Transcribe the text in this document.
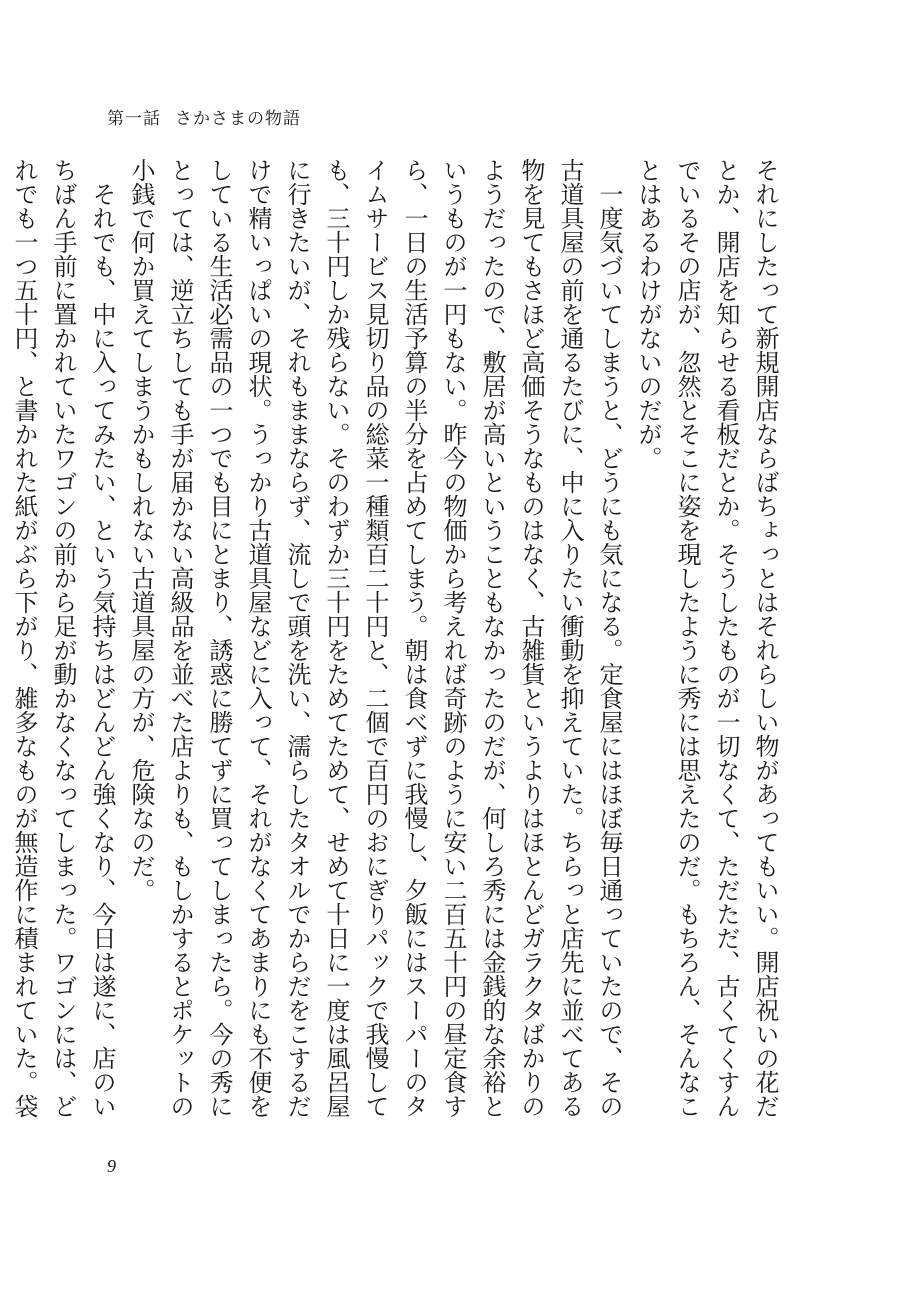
第一話 さかさまの物語

それにしたって新規開店ならばちょっとはそれらしい物があってもいい。開店祝いの花だとか、開店を知らせる看板だとか。そうしたものが一切なくて、ただただ、古くてくすんでいるその店が、忽然とそこに姿を現したように秀には思えたのだ。もちろん、そんなことはあるわけがないのだが。

一度気づいてしまうと、どうにも気になる。定食屋にはほぼ毎日通っていたので、その古道具屋の前を通るたびに、中に入りたい衝動を抑えていた。ちらっと店先に並べてある物を見てもさほど高価そうなものはなく、古雑貨というよりはほとんどガラクタばかりのようだったので、敷居が高いということもなかったのだが、何しろ秀には金銭的な余裕というものが一円もない。昨今の物価から考えれば奇跡のように安い二百五十円の昼定食すら、一日の生活予算の半分を占めてしまう。朝は食べずに我慢し、夕飯にはスーパーのタイムサービス見切り品の総菜一種類百二十円と、二個で百円のおにぎりパックで我慢しても、三十円しか残らない。そのわずか三十円をためてためて、せめて十日に一度は風呂屋に行きたいが、それもままならず、流しで頭を洗い、濡らしたタオルでからだをこするだけで精いっぱいの現状。うっかり古道具屋などに入って、それがなくてあまりにも不便をしている生活必需品の一つでも目にとまり、誘惑に勝てずに買ってしまったら。今の秀にとっては、逆立ちしても手が届かない高級品を並べた店よりも、もしかするとポケットの小銭で何か買えてしまうかもしれない古道具屋の方が、危険なのだ。

それでも、中に入ってみたい、という気持ちはどんどん強くなり、今日は遂に、店のいちばん手前に置かれていたワゴンの前から足が動かなくなってしまった。ワゴンには、どれでも一つ五十円、と書かれた紙がぶら下がり、雑多なものが無造作に積まれていた。袋

9
